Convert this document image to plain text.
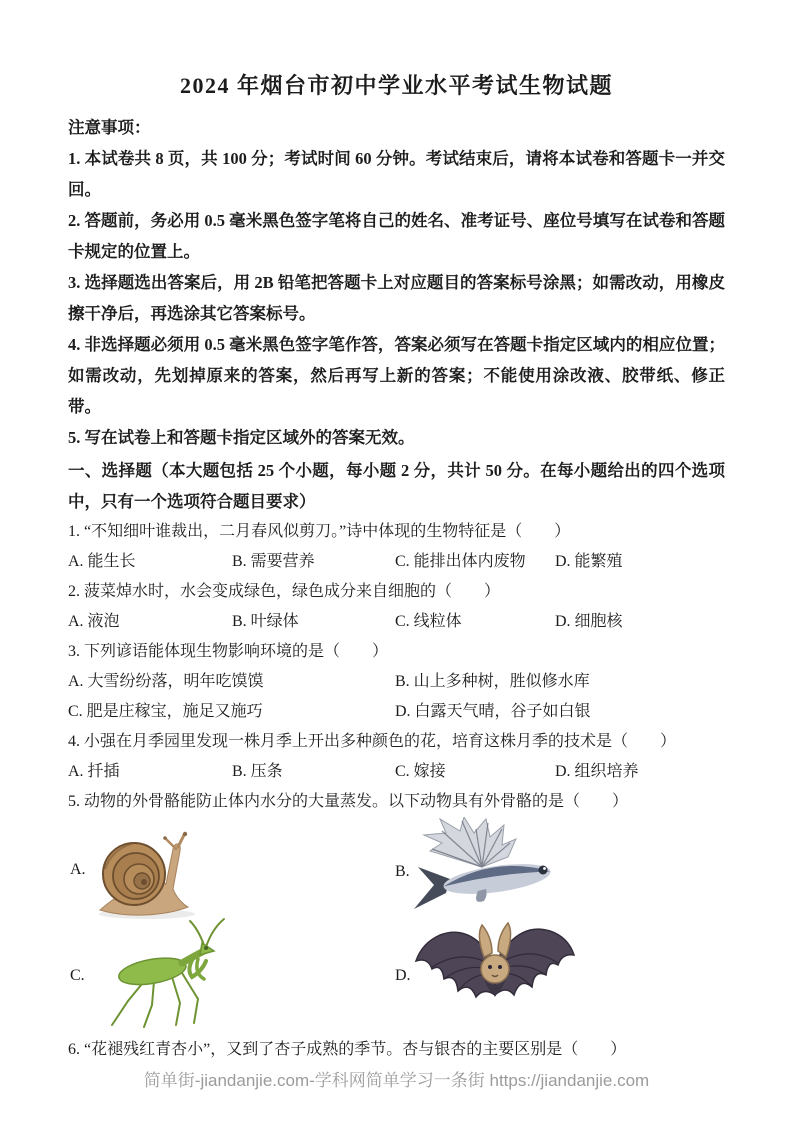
2024 年烟台市初中学业水平考试生物试题

注意事项：

1. 本试卷共 8 页，共 100 分；考试时间 60 分钟。考试结束后，请将本试卷和答题卡一并交回。

2. 答题前，务必用 0.5 毫米黑色签字笔将自己的姓名、准考证号、座位号填写在试卷和答题卡规定的位置上。

3. 选择题选出答案后，用 2B 铅笔把答题卡上对应题目的答案标号涂黑；如需改动，用橡皮擦干净后，再选涂其它答案标号。

4. 非选择题必须用 0.5 毫米黑色签字笔作答，答案必须写在答题卡指定区域内的相应位置；如需改动，先划掉原来的答案，然后再写上新的答案；不能使用涂改液、胶带纸、修正带。

5. 写在试卷上和答题卡指定区域外的答案无效。

一、选择题（本大题包括 25 个小题，每小题 2 分，共计 50 分。在每小题给出的四个选项中，只有一个选项符合题目要求）

1. “不知细叶谁裁出，二月春风似剪刀。”诗中体现的生物特征是（　　）

A. 能生长	B. 需要营养	C. 能排出体内废物	D. 能繁殖

2. 菠菜焯水时，水会变成绿色，绿色成分来自细胞的（　　）

A. 液泡	B. 叶绿体	C. 线粒体	D. 细胞核

3. 下列谚语能体现生物影响环境的是（　　）

A. 大雪纷纷落，明年吃馍馍	B. 山上多种树，胜似修水库
C. 肥是庄稼宝，施足又施巧	D. 白露天气晴，谷子如白银

4. 小强在月季园里发现一株月季上开出多种颜色的花，培育这株月季的技术是（　　）

A. 扦插	B. 压条	C. 嫁接	D. 组织培养

5. 动物的外骨骼能防止体内水分的大量蒸发。以下动物具有外骨骼的是（　　）

A.	B.
C.	D.

6. “花褪残红青杏小”，又到了杏子成熟的季节。杏与银杏的主要区别是（　　）

简单街-jiandanjie.com-学科网简单学习一条街 https://jiandanjie.com
